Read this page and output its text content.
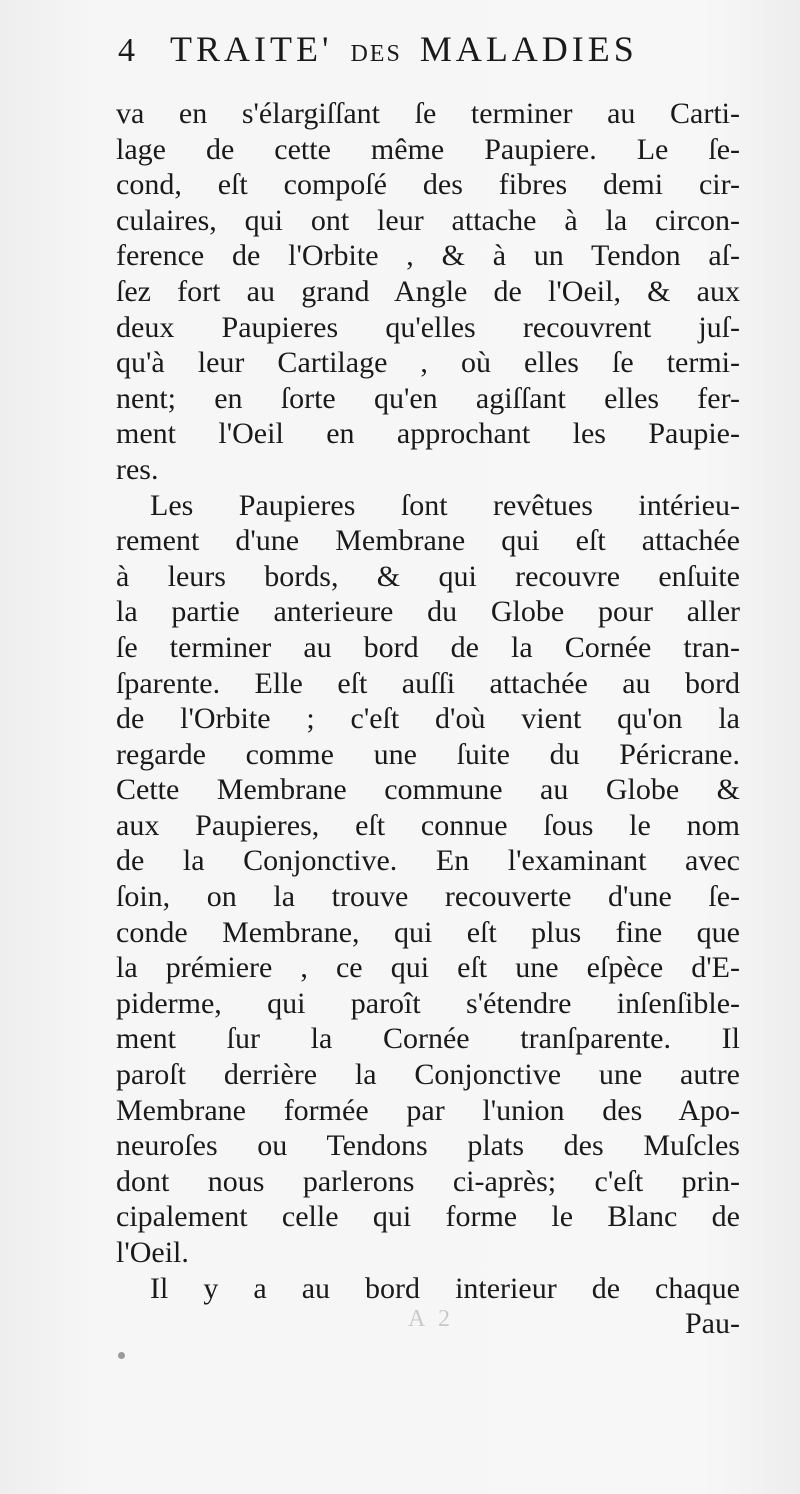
4 TRAITE' DES MALADIES
va en s'élargiſſant ſe terminer au Carti-
lage de cette même Paupiere. Le ſe-
cond, eſt compoſé des fibres demi cir-
culaires, qui ont leur attache à la circon-
ference de l'Orbite , & à un Tendon aſ-
ſez fort au grand Angle de l'Oeil, & aux
deux Paupieres qu'elles recouvrent juſ-
qu'à leur Cartilage , où elles ſe termi-
nent; en ſorte qu'en agiſſant elles fer-
ment l'Oeil en approchant les Paupie-
res.
Les Paupieres ſont revêtues intérieu-
rement d'une Membrane qui eſt attachée
à leurs bords, & qui recouvre enſuite
la partie anterieure du Globe pour aller
ſe terminer au bord de la Cornée tran-
ſparente. Elle eſt auſſi attachée au bord
de l'Orbite ; c'eſt d'où vient qu'on la
regarde comme une ſuite du Péricrane.
Cette Membrane commune au Globe &
aux Paupieres, eſt connue ſous le nom
de la Conjonctive. En l'examinant avec
ſoin, on la trouve recouverte d'une ſe-
conde Membrane, qui eſt plus fine que
la prémiere , ce qui eſt une eſpèce d'E-
piderme, qui paroît s'étendre inſenſible-
ment ſur la Cornée tranſparente. Il
paroſt derrière la Conjonctive une autre
Membrane formée par l'union des Apo-
neuroſes ou Tendons plats des Muſcles
dont nous parlerons ci-après; c'eſt prin-
cipalement celle qui forme le Blanc de
l'Oeil.
Il y a au bord interieur de chaque
Pau-
A 2
